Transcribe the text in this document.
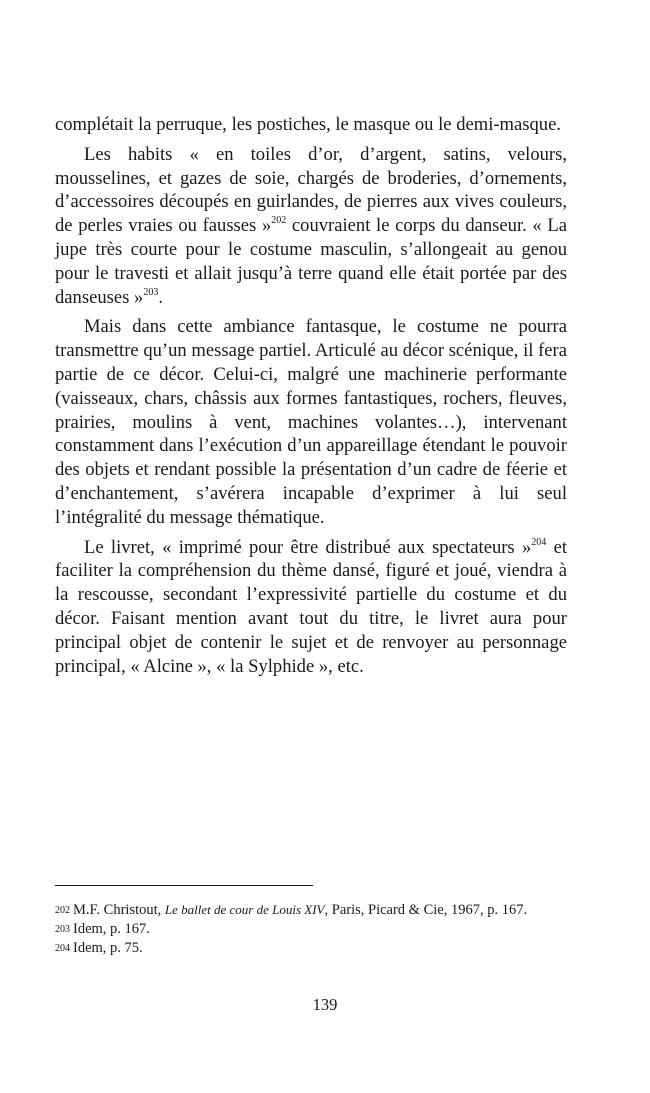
complétait la perruque, les postiches, le masque ou le demi-masque.

Les habits « en toiles d’or, d’argent, satins, velours, mousselines, et gazes de soie, chargés de broderies, d’ornements, d’accessoires découpés en guirlandes, de pierres aux vives couleurs, de perles vraies ou fausses »$^{202}$ couvraient le corps du danseur. « La jupe très courte pour le costume masculin, s’allongeait au genou pour le travesti et allait jusqu’à terre quand elle était portée par des danseuses »$^{203}$.

Mais dans cette ambiance fantasque, le costume ne pourra transmettre qu’un message partiel. Articulé au décor scénique, il fera partie de ce décor. Celui-ci, malgré une machinerie performante (vaisseaux, chars, châssis aux formes fantastiques, rochers, fleuves, prairies, moulins à vent, machines volantes…), intervenant constamment dans l’exécution d’un appareillage étendant le pouvoir des objets et rendant possible la présentation d’un cadre de féerie et d’enchantement, s’avérera incapable d’exprimer à lui seul l’intégralité du message thématique.

Le livret, « imprimé pour être distribué aux spectateurs »$^{204}$ et faciliter la compréhension du thème dansé, figuré et joué, viendra à la rescousse, secondant l’expressivité partielle du costume et du décor. Faisant mention avant tout du titre, le livret aura pour principal objet de contenir le sujet et de renvoyer au personnage principal, « Alcine », « la Sylphide », etc.

202 M.F. Christout, Le ballet de cour de Louis XIV, Paris, Picard & Cie, 1967, p. 167.

203 Idem, p. 167.

204 Idem, p. 75.

139
